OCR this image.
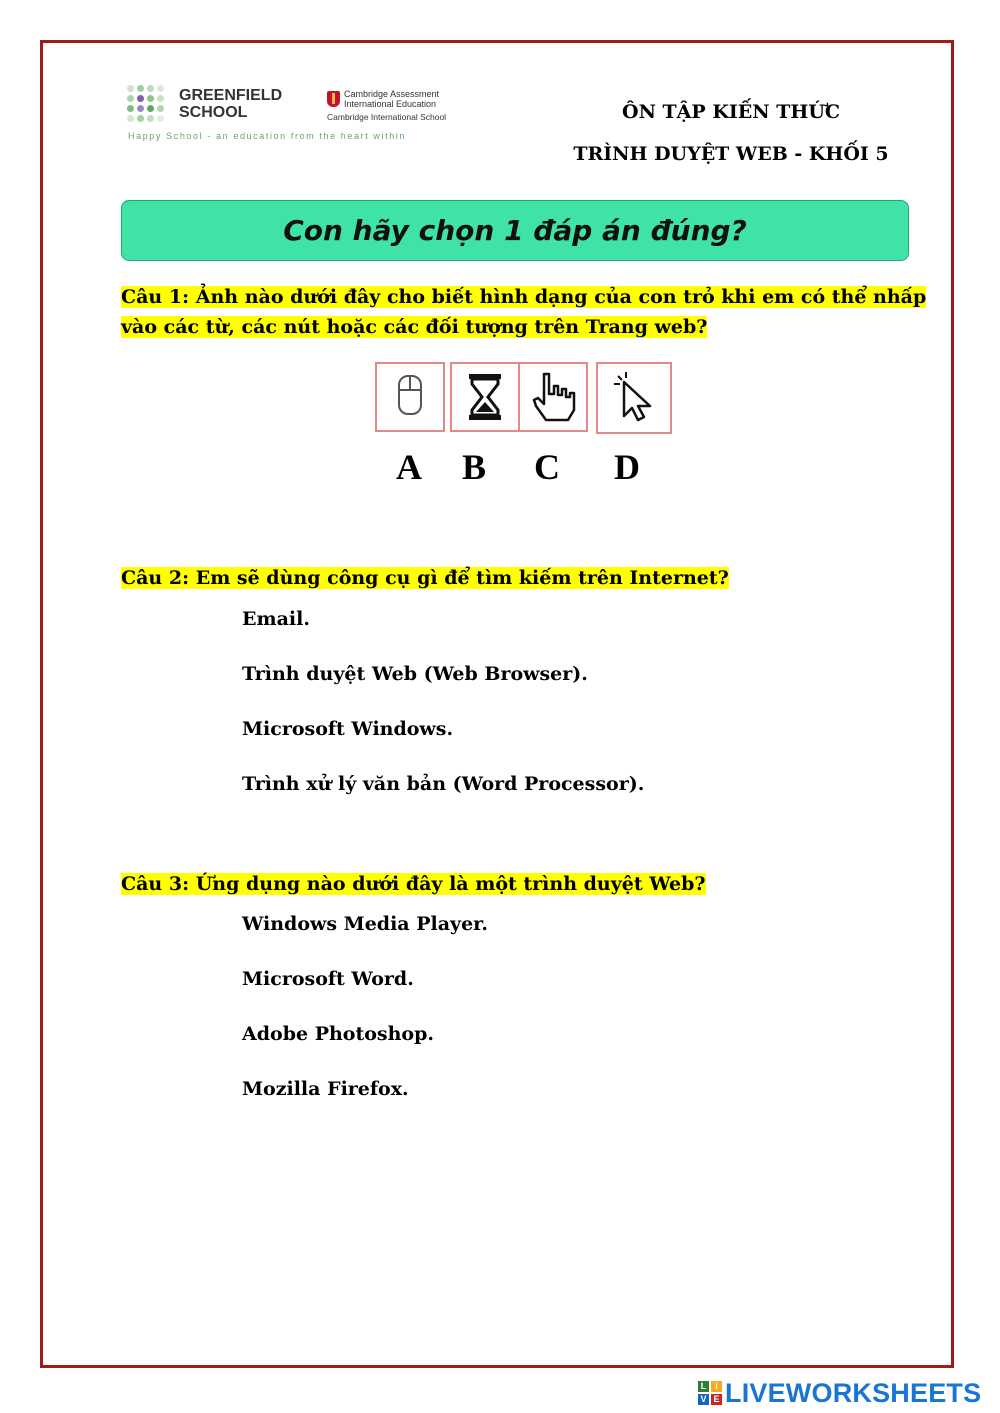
GREENFIELD
SCHOOL
Cambridge Assessment
International Education
Cambridge International School
Happy School - an education from the heart within
ÔN TẬP KIẾN THỨC
TRÌNH DUYỆT WEB - KHỐI 5
Con hãy chọn 1 đáp án đúng?
Câu 1: Ảnh nào dưới đây cho biết hình dạng của con trỏ khi em có thể nhấp vào các từ, các nút hoặc các đối tượng trên Trang web?
A B C D
Câu 2: Em sẽ dùng công cụ gì để tìm kiếm trên Internet?
Email.
Trình duyệt Web (Web Browser).
Microsoft Windows.
Trình xử lý văn bản (Word Processor).
Câu 3: Ứng dụng nào dưới đây là một trình duyệt Web?
Windows Media Player.
Microsoft Word.
Adobe Photoshop.
Mozilla Firefox.
L i
V E LIVEWORKSHEETS
